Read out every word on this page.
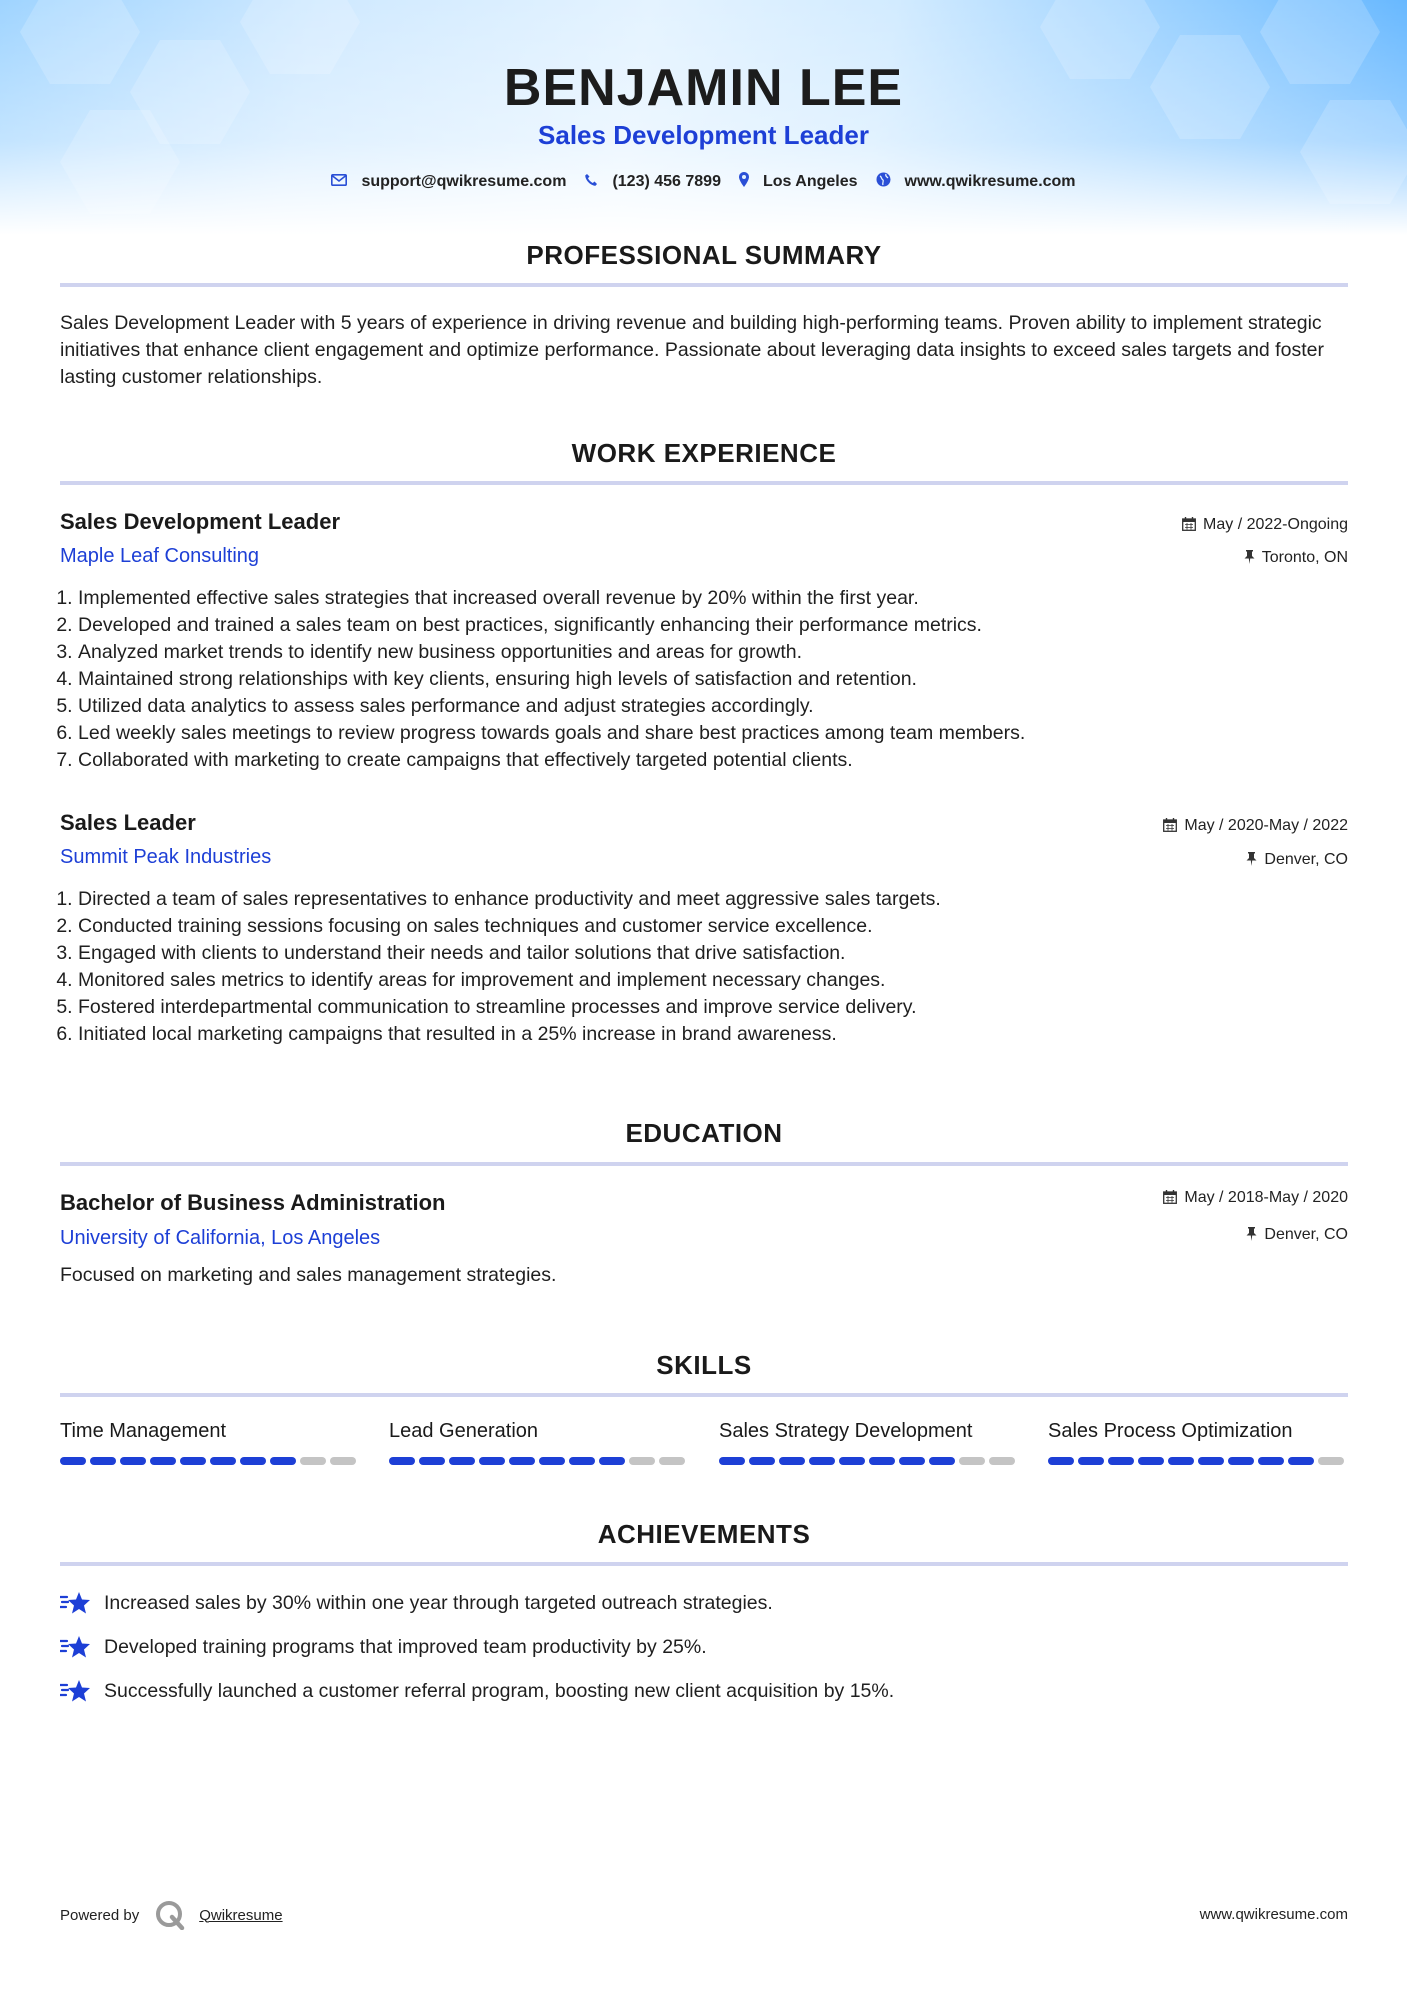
BENJAMIN LEE
Sales Development Leader
support@qwikresume.com	(123) 456 7899	Los Angeles	www.qwikresume.com
PROFESSIONAL SUMMARY
Sales Development Leader with 5 years of experience in driving revenue and building high-performing teams. Proven ability to implement strategic initiatives that enhance client engagement and optimize performance. Passionate about leveraging data insights to exceed sales targets and foster lasting customer relationships.
WORK EXPERIENCE
Sales Development Leader	May / 2022-Ongoing
Maple Leaf Consulting	Toronto, ON
1. Implemented effective sales strategies that increased overall revenue by 20% within the first year.
2. Developed and trained a sales team on best practices, significantly enhancing their performance metrics.
3. Analyzed market trends to identify new business opportunities and areas for growth.
4. Maintained strong relationships with key clients, ensuring high levels of satisfaction and retention.
5. Utilized data analytics to assess sales performance and adjust strategies accordingly.
6. Led weekly sales meetings to review progress towards goals and share best practices among team members.
7. Collaborated with marketing to create campaigns that effectively targeted potential clients.
Sales Leader	May / 2020-May / 2022
Summit Peak Industries	Denver, CO
1. Directed a team of sales representatives to enhance productivity and meet aggressive sales targets.
2. Conducted training sessions focusing on sales techniques and customer service excellence.
3. Engaged with clients to understand their needs and tailor solutions that drive satisfaction.
4. Monitored sales metrics to identify areas for improvement and implement necessary changes.
5. Fostered interdepartmental communication to streamline processes and improve service delivery.
6. Initiated local marketing campaigns that resulted in a 25% increase in brand awareness.
EDUCATION
Bachelor of Business Administration	May / 2018-May / 2020
University of California, Los Angeles	Denver, CO
Focused on marketing and sales management strategies.
SKILLS
Time Management	Lead Generation	Sales Strategy Development	Sales Process Optimization
ACHIEVEMENTS
Increased sales by 30% within one year through targeted outreach strategies.
Developed training programs that improved team productivity by 25%.
Successfully launched a customer referral program, boosting new client acquisition by 15%.
Powered by	Qwikresume	www.qwikresume.com
